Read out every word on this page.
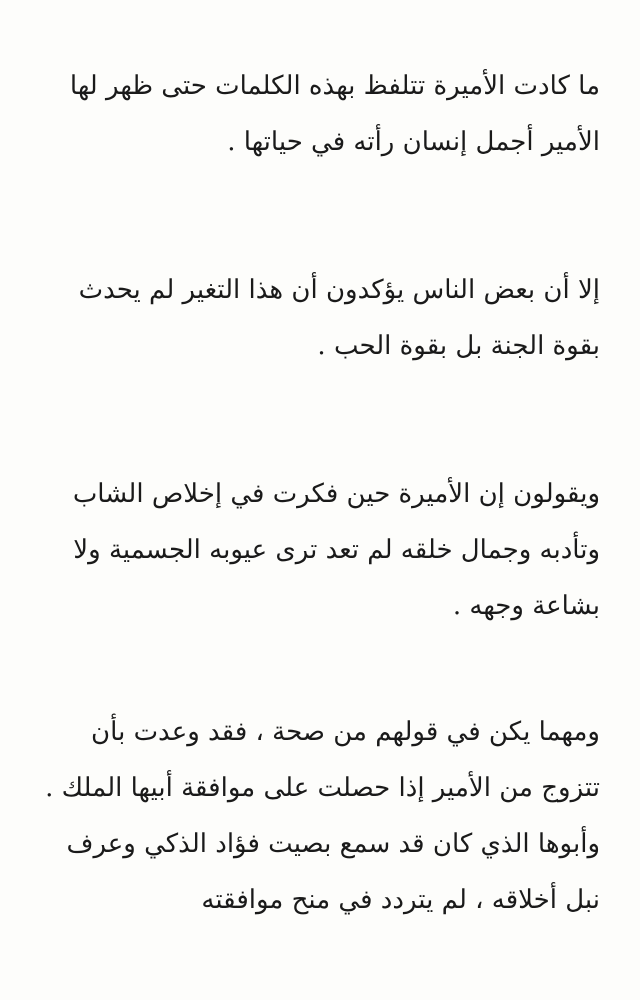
ما كادت الأميرة تتلفظ بهذه الكلمات حتى ظهر لها
الأمير أجمل إنسان رأته في حياتها .

إلا أن بعض الناس يؤكدون أن هذا التغير لم يحدث
بقوة الجنة بل بقوة الحب .

ويقولون إن الأميرة حين فكرت في إخلاص الشاب
وتأدبه وجمال خلقه لم تعد ترى عيوبه الجسمية ولا
بشاعة وجهه .

ومهما يكن في قولهم من صحة ، فقد وعدت بأن
تتزوج من الأمير إذا حصلت على موافقة أبيها الملك .
وأبوها الذي كان قد سمع بصيت فؤاد الذكي وعرف
نبل أخلاقه ، لم يتردد في منح موافقته
